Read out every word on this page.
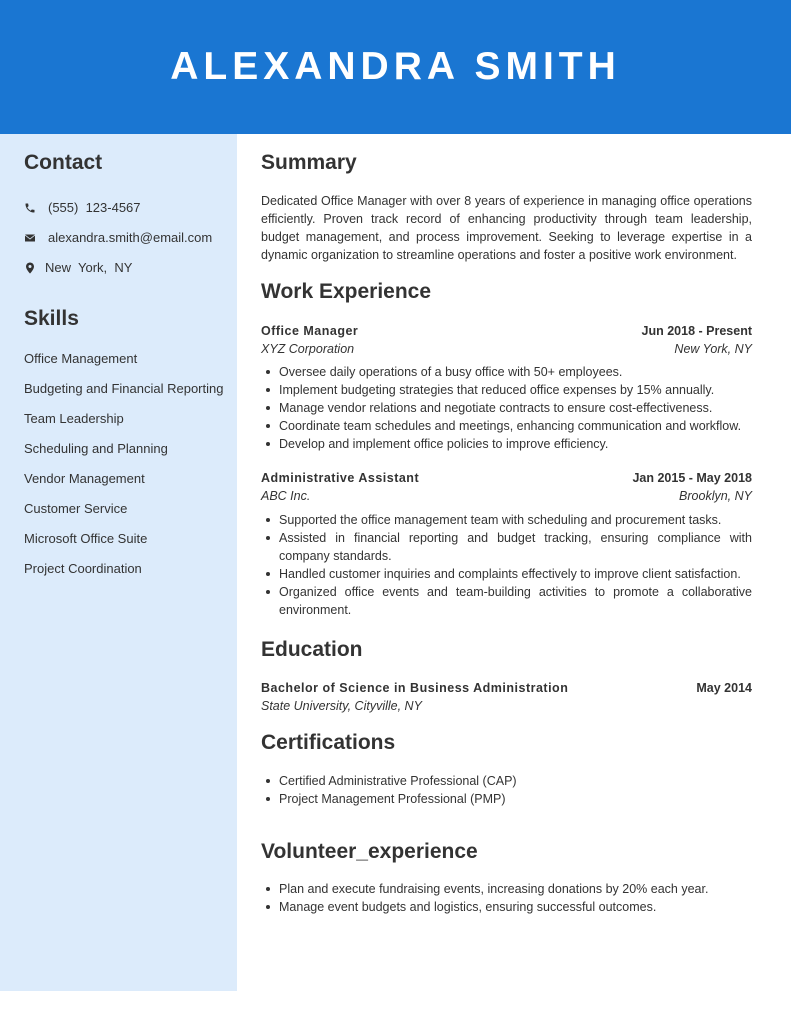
ALEXANDRA SMITH
Contact
(555)  123-4567
alexandra.smith@email.com
New  York,  NY
Skills
Office Management
Budgeting and Financial Reporting
Team Leadership
Scheduling and Planning
Vendor Management
Customer Service
Microsoft Office Suite
Project Coordination
Summary
Dedicated Office Manager with over 8 years of experience in managing office operations efficiently. Proven track record of enhancing productivity through team leadership, budget management, and process improvement. Seeking to leverage expertise in a dynamic organization to streamline operations and foster a positive work environment.
Work Experience
Office Manager	Jun 2018 - Present
XYZ Corporation	New York, NY
Oversee daily operations of a busy office with 50+ employees.
Implement budgeting strategies that reduced office expenses by 15% annually.
Manage vendor relations and negotiate contracts to ensure cost-effectiveness.
Coordinate team schedules and meetings, enhancing communication and workflow.
Develop and implement office policies to improve efficiency.
Administrative Assistant	Jan 2015 - May 2018
ABC Inc.	Brooklyn, NY
Supported the office management team with scheduling and procurement tasks.
Assisted in financial reporting and budget tracking, ensuring compliance with company standards.
Handled customer inquiries and complaints effectively to improve client satisfaction.
Organized office events and team-building activities to promote a collaborative environment.
Education
Bachelor of Science in Business Administration	May 2014
State University, Cityville, NY
Certifications
Certified Administrative Professional (CAP)
Project Management Professional (PMP)
Volunteer_experience
Plan and execute fundraising events, increasing donations by 20% each year.
Manage event budgets and logistics, ensuring successful outcomes.
